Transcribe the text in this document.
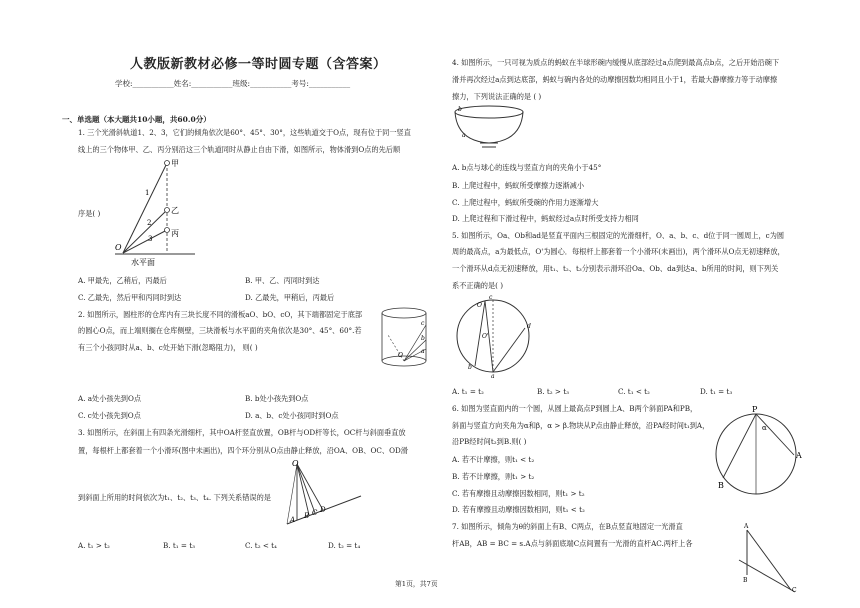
人教版新教材必修一等时圆专题（含答案）
学校:___________姓名:___________班级:___________考号:___________
一、单选题（本大题共10小题，共60.0分）
1. 三个光滑斜轨道1、2、3，它们的倾角依次是60°、45°、30°，这些轨道交于O点，现有位于同一竖直
线上的三个物体甲、乙、丙分别沿这三个轨道同时从静止自由下滑，如图所示，物体滑到O点的先后顺
序是( )
甲
乙
丙
1
2
3
O
水平面
A. 甲最先，乙稍后，丙最后	B. 甲、乙、丙同时到达
C. 乙最先，然后甲和丙同时到达	D. 乙最先，甲稍后，丙最后
2. 如图所示，圆柱形的仓库内有三块长度不同的滑板aO、bO、cO，其下端都固定于底部
的圆心O点，而上端则搁在仓库侧壁，三块滑板与水平面的夹角依次是30°、45°、60°.若
有三个小孩同时从a、b、c处开始下滑(忽略阻力)， 则( )
c
b
a
O
A. a处小孩先到O点	B. b处小孩先到O点
C. c处小孩先到O点	D. a、b、c处小孩同时到O点
3. 如图所示，在斜面上有四条光滑细杆，其中OA杆竖直放置，OB杆与OD杆等长，OC杆与斜面垂直放
置，每根杆上都套着一个小滑环(图中未画出)，四个环分别从O点由静止释放，沿OA、OB、OC、OD滑
到斜面上所用的时间依次为t₁、t₂、t₃、t₄. 下列关系错误的是
O
A B C D
A. t₁ > t₂	B. t₁ = t₃	C. t₂ < t₄	D. t₂ = t₄
4. 如图所示，一只可视为质点的蚂蚁在半球形碗内缓慢从底部经过a点爬到最高点b点，之后开始沿碗下
滑并再次经过a点到达底部，蚂蚁与碗内各处的动摩擦因数均相同且小于1，若最大静摩擦力等于动摩擦
擦力，下列说法正确的是 ( )
b
a
A. b点与球心的连线与竖直方向的夹角小于45°
B. 上爬过程中，蚂蚁所受摩擦力逐渐减小
C. 上爬过程中，蚂蚁所受碗的作用力逐渐增大
D. 上爬过程和下滑过程中，蚂蚁经过a点时所受支持力相同
5. 如图所示，Oa、Ob和ad是竖直平面内三根固定的光滑细杆，O、a、b、c、d位于同一圆周上，c为圆
周的最高点，a为最低点，O'为圆心．每根杆上都套着一个小滑环(未画出)，两个滑环从O点无初速释放，
一个滑环从d点无初速释放，用t₁、t₂、t₃分别表示滑环沿Oa、Ob、da到达a、b所用的时间，则下列关
系不正确的是( )
c
O
O'
d
b
a
A. t₁ = t₂	B. t₂ > t₃	C. t₁ < t₂	D. t₁ = t₃
6. 如图为竖直面内的一个圆，从圆上最高点P到圆上A、B两个斜面PA和PB，
斜面与竖直方向夹角为α和β，α > β.物块从P点由静止释放，沿PA经时间t₁到A，
沿PB经时间t₂到B.则( )
P
A
B
α
A. 若不计摩擦，则t₁ < t₂
B. 若不计摩擦，则t₁ > t₂
C. 若有摩擦且动摩擦因数相同，则t₁ > t₂
D. 若有摩擦且动摩擦因数相同，则t₁ < t₂
7. 如图所示，倾角为θ的斜面上有B、C两点，在B点竖直地固定一光滑直
杆AB，AB = BC = s.A点与斜面底端C点间置有一光滑的直杆AC.两杆上各
A
B
C
第1页，共7页
